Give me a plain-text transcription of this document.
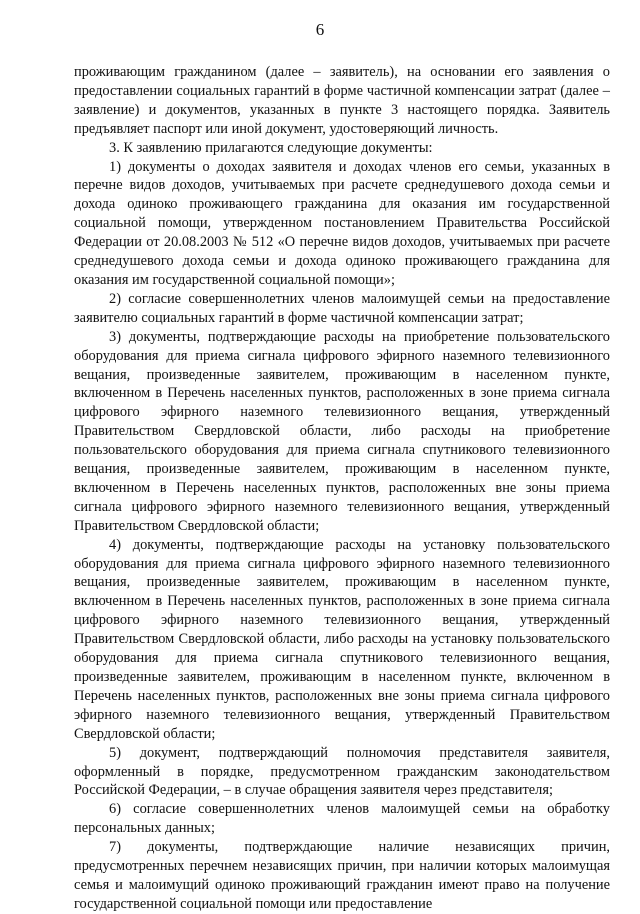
6

проживающим гражданином (далее – заявитель), на основании его заявления о предоставлении социальных гарантий в форме частичной компенсации затрат (далее – заявление) и документов, указанных в пункте 3 настоящего порядка. Заявитель предъявляет паспорт или иной документ, удостоверяющий личность.

3. К заявлению прилагаются следующие документы:

1) документы о доходах заявителя и доходах членов его семьи, указанных в перечне видов доходов, учитываемых при расчете среднедушевого дохода семьи и дохода одиноко проживающего гражданина для оказания им государственной социальной помощи, утвержденном постановлением Правительства Российской Федерации от 20.08.2003 № 512 «О перечне видов доходов, учитываемых при расчете среднедушевого дохода семьи и дохода одиноко проживающего гражданина для оказания им государственной социальной помощи»;

2) согласие совершеннолетних членов малоимущей семьи на предоставление заявителю социальных гарантий в форме частичной компенсации затрат;

3) документы, подтверждающие расходы на приобретение пользовательского оборудования для приема сигнала цифрового эфирного наземного телевизионного вещания, произведенные заявителем, проживающим в населенном пункте, включенном в Перечень населенных пунктов, расположенных в зоне приема сигнала цифрового эфирного наземного телевизионного вещания, утвержденный Правительством Свердловской области, либо расходы на приобретение пользовательского оборудования для приема сигнала спутникового телевизионного вещания, произведенные заявителем, проживающим в населенном пункте, включенном в Перечень населенных пунктов, расположенных вне зоны приема сигнала цифрового эфирного наземного телевизионного вещания, утвержденный Правительством Свердловской области;

4) документы, подтверждающие расходы на установку пользовательского оборудования для приема сигнала цифрового эфирного наземного телевизионного вещания, произведенные заявителем, проживающим в населенном пункте, включенном в Перечень населенных пунктов, расположенных в зоне приема сигнала цифрового эфирного наземного телевизионного вещания, утвержденный Правительством Свердловской области, либо расходы на установку пользовательского оборудования для приема сигнала спутникового телевизионного вещания, произведенные заявителем, проживающим в населенном пункте, включенном в Перечень населенных пунктов, расположенных вне зоны приема сигнала цифрового эфирного наземного телевизионного вещания, утвержденный Правительством Свердловской области;

5) документ, подтверждающий полномочия представителя заявителя, оформленный в порядке, предусмотренном гражданским законодательством Российской Федерации, – в случае обращения заявителя через представителя;

6) согласие совершеннолетних членов малоимущей семьи на обработку персональных данных;

7) документы, подтверждающие наличие независящих причин, предусмотренных перечнем независящих причин, при наличии которых малоимущая семья и малоимущий одиноко проживающий гражданин имеют право на получение государственной социальной помощи или предоставление
